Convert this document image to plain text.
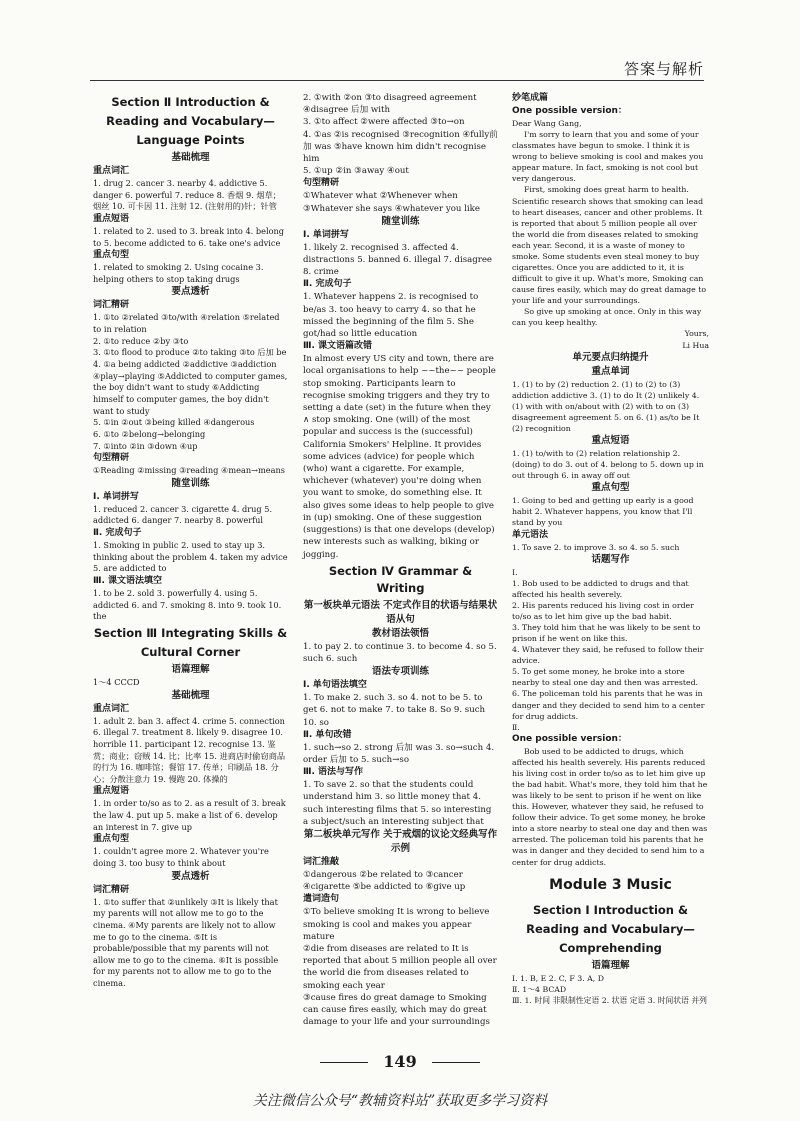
答案与解析
Section Ⅱ Introduction &
Reading and Vocabulary—
Language Points
基础梳理
重点词汇

1. drug 2. cancer 3. nearby 4. addictive 5. danger 6. powerful 7. reduce 8. 香烟 9. 烟草；烟丝 10. 可卡因 11. 注射 12. (注射用的)针；针管

重点短语

1. related to 2. used to 3. break into 4. belong to 5. become addicted to 6. take one's advice

重点句型

1. related to smoking 2. Using cocaine 3. helping others to stop taking drugs

要点透析
词汇精研

1. ①to ②related ③to/with ④relation ⑤related to in relation

2. ①to reduce ②by ③to

3. ①to flood to produce ②to taking ③to 后加 be

4. ①a being addicted ②addictive ③addiction ④play→playing ⑤Addicted to computer games, the boy didn't want to study ⑥Addicting himself to computer games, the boy didn't want to study

5. ①in ②out ③being killed ④dangerous

6. ①to ②belong→belonging

7. ①into ②in ③down ④up

句型精研

①Reading ②missing ③reading ④mean→means

随堂训练
Ⅰ. 单词拼写

1. reduced 2. cancer 3. cigarette 4. drug 5. addicted 6. danger 7. nearby 8. powerful

Ⅱ. 完成句子

1. Smoking in public 2. used to stay up 3. thinking about the problem 4. taken my advice 5. are addicted to

Ⅲ. 课文语法填空

1. to be 2. sold 3. powerfully 4. using 5. addicted 6. and 7. smoking 8. into 9. took 10. the

Section Ⅲ Integrating Skills &
Cultural Corner
语篇理解

1～4 CCCD

基础梳理
重点词汇

1. adult 2. ban 3. affect 4. crime 5. connection 6. illegal 7. treatment 8. likely 9. disagree 10. horrible 11. participant 12. recognise 13. 鉴赏；商业；窃贼 14. 比；比率 15. 进商店时偷窃商品的行为 16. 咖啡馆；餐馆 17. 传单；印刷品 18. 分心；分散注意力 19. 慢跑 20. 体操的

重点短语

1. in order to/so as to 2. as a result of 3. break the law 4. put up 5. make a list of 6. develop an interest in 7. give up

重点句型

1. couldn't agree more 2. Whatever you're doing 3. too busy to think about

要点透析
词汇精研

1. ①to suffer that ②unlikely ③It is likely that my parents will not allow me to go to the cinema. ④My parents are likely not to allow me to go to the cinema. ⑤It is probable/possible that my parents will not allow me to go to the cinema. ⑥It is possible for my parents not to allow me to go to the cinema.

2. ①with ②on ③to disagreed agreement ④disagree 后加 with

3. ①to affect ②were affected ③to→on

4. ①as ②is recognised ③recognition ④fully前加 was ⑤have known him didn't recognise him

5. ①up ②in ③away ④out

句型精研

①Whatever what ②Whenever when ③Whatever she says ④whatever you like

随堂训练
Ⅰ. 单词拼写

1. likely 2. recognised 3. affected 4. distractions 5. banned 6. illegal 7. disagree 8. crime

Ⅱ. 完成句子

1. Whatever happens 2. is recognised to be/as 3. too heavy to carry 4. so that he missed the beginning of the film 5. She got/had so little education

Ⅲ. 课文语篇改错

In almost every US city and town, there are local organisations to help ~~the~~ people stop smoking. Participants learn to recognise smoking triggers and they try to setting a date (set) in the future when they ∧ stop smoking. One (will) of the most popular and success is the (successful) California Smokers' Helpline. It provides some advices (advice) for people which (who) want a cigarette. For example, whichever (whatever) you're doing when you want to smoke, do something else. It also gives some ideas to help people to give in (up) smoking. One of these suggestion (suggestions) is that one develops (develop) new interests such as walking, biking or jogging.

Section Ⅳ Grammar & Writing
第一板块单元语法 不定式作目的状语与结果状语从句
教材语法领悟

1. to pay 2. to continue 3. to become 4. so 5. such 6. such

语法专项训练
Ⅰ. 单句语法填空

1. To make 2. such 3. so 4. not to be 5. to get 6. not to make 7. to take 8. So 9. such 10. so

Ⅱ. 单句改错

1. such→so 2. strong 后加 was 3. so→such 4. order 后加 to 5. such→so

Ⅲ. 语法与写作

1. To save 2. so that the students could understand him 3. so little money that 4. such interesting films that 5. so interesting a subject/such an interesting subject that

第二板块单元写作 关于戒烟的议论文经典写作示例
词汇推敲

①dangerous ②be related to ③cancer ④cigarette ⑤be addicted to ⑥give up

遣词造句

①To believe smoking It is wrong to believe smoking is cool and makes you appear mature

②die from diseases are related to It is reported that about 5 million people all over the world die from diseases related to smoking each year

③cause fires do great damage to Smoking can cause fires easily, which may do great damage to your life and your surroundings

妙笔成篇
One possible version：

Dear Wang Gang,

I'm sorry to learn that you and some of your classmates have begun to smoke. I think it is wrong to believe smoking is cool and makes you appear mature. In fact, smoking is not cool but very dangerous.

First, smoking does great harm to health. Scientific research shows that smoking can lead to heart diseases, cancer and other problems. It is reported that about 5 million people all over the world die from diseases related to smoking each year. Second, it is a waste of money to smoke. Some students even steal money to buy cigarettes. Once you are addicted to it, it is difficult to give it up. What's more, Smoking can cause fires easily, which may do great damage to your life and your surroundings.

So give up smoking at once. Only in this way can you keep healthy.

Yours,

Li Hua

单元要点归纳提升
重点单词

1. (1) to by (2) reduction 2. (1) to (2) to (3) addiction addictive 3. (1) to do It (2) unlikely 4. (1) with with on/about with (2) with to on (3) disagreement agreement 5. on 6. (1) as/to be It (2) recognition

重点短语

1. (1) to/with to (2) relation relationship 2. (doing) to do 3. out of 4. belong to 5. down up in out through 6. in away off out

重点句型

1. Going to bed and getting up early is a good habit 2. Whatever happens, you know that I'll stand by you

单元语法

1. To save 2. to improve 3. so 4. so 5. such

话题写作

Ⅰ.

1. Bob used to be addicted to drugs and that affected his health severely.

2. His parents reduced his living cost in order to/so as to let him give up the bad habit.

3. They told him that he was likely to be sent to prison if he went on like this.

4. Whatever they said, he refused to follow their advice.

5. To get some money, he broke into a store nearby to steal one day and then was arrested.

6. The policeman told his parents that he was in danger and they decided to send him to a center for drug addicts.

Ⅱ.

One possible version：

Bob used to be addicted to drugs, which affected his health severely. His parents reduced his living cost in order to/so as to let him give up the bad habit. What's more, they told him that he was likely to be sent to prison if he went on like this. However, whatever they said, he refused to follow their advice. To get some money, he broke into a store nearby to steal one day and then was arrested. The policeman told his parents that he was in danger and they decided to send him to a center for drug addicts.

Module 3 Music
Section Ⅰ Introduction &
Reading and Vocabulary—
Comprehending
语篇理解

Ⅰ. 1. B, E 2. C, F 3. A, D

Ⅱ. 1～4 BCAD

Ⅲ. 1. 时间 非限制性定语 2. 状语 定语 3. 时间状语 并列

149
关注微信公众号“教辅资料站”获取更多学习资料
